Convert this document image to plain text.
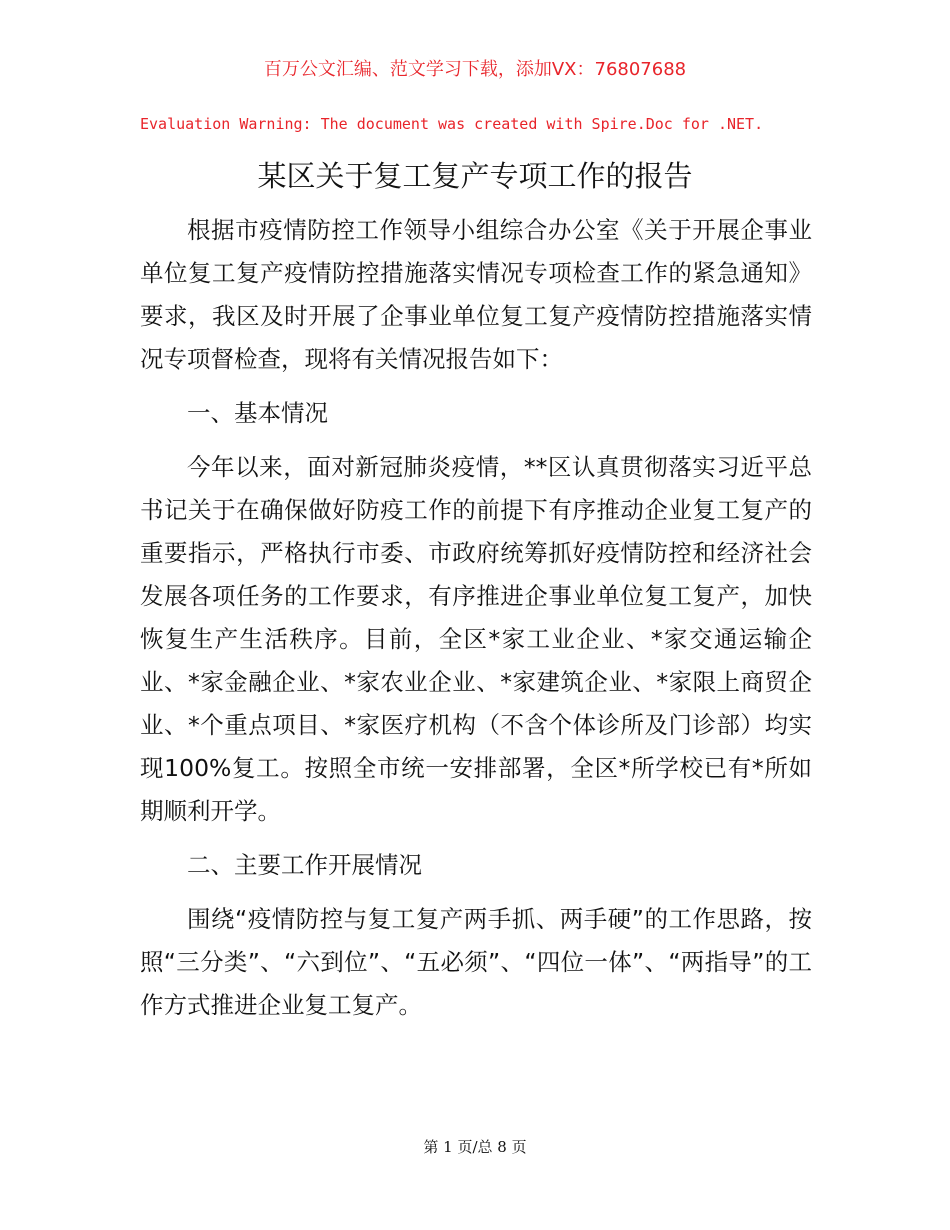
百万公文汇编、范文学习下载，添加VX：76807688
Evaluation Warning: The document was created with Spire.Doc for .NET.
某区关于复工复产专项工作的报告

根据市疫情防控工作领导小组综合办公室《关于开展企事业单位复工复产疫情防控措施落实情况专项检查工作的紧急通知》要求，我区及时开展了企事业单位复工复产疫情防控措施落实情况专项督检查，现将有关情况报告如下：

一、基本情况

今年以来，面对新冠肺炎疫情，**区认真贯彻落实习近平总书记关于在确保做好防疫工作的前提下有序推动企业复工复产的重要指示，严格执行市委、市政府统筹抓好疫情防控和经济社会发展各项任务的工作要求，有序推进企事业单位复工复产，加快恢复生产生活秩序。目前，全区*家工业企业、*家交通运输企业、*家金融企业、*家农业企业、*家建筑企业、*家限上商贸企业、*个重点项目、*家医疗机构（不含个体诊所及门诊部）均实现100%复工。按照全市统一安排部署，全区*所学校已有*所如期顺利开学。

二、主要工作开展情况

围绕“疫情防控与复工复产两手抓、两手硬”的工作思路，按照“三分类”、“六到位”、“五必须”、“四位一体”、“两指导”的工作方式推进企业复工复产。

第 1 页/总 8 页
